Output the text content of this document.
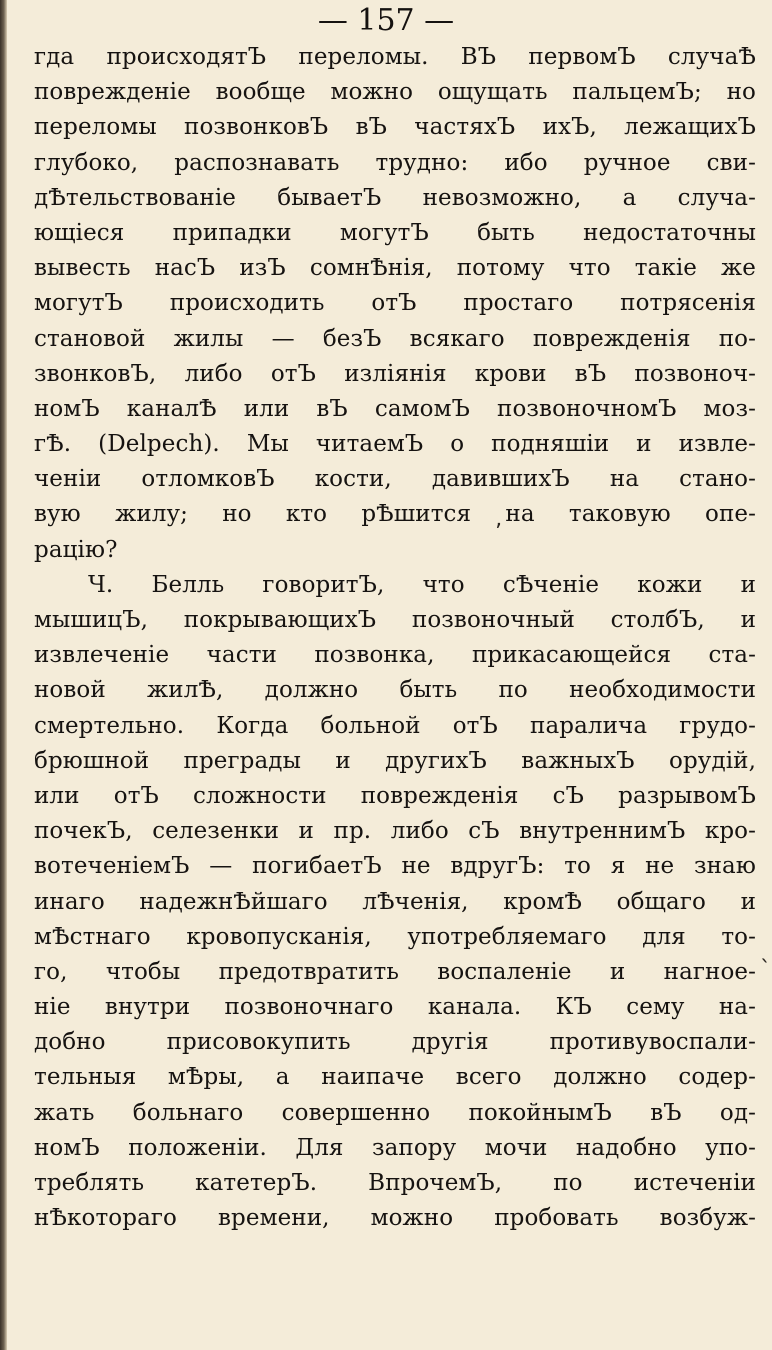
— 157 —
гда происходятЪ переломы. ВЪ первомЪ случаѢ
поврежденіе вообще можно ощущать пальцемЪ; но
переломы позвонковЪ вЪ частяхЪ ихЪ, лежащихЪ
глубоко, распознавать трудно: ибо ручное сви-
дѢтельствованіе бываетЪ невозможно, а случа-
ющіеся припадки могутЪ быть недостаточны
вывесть насЪ изЪ сомнѢнія, потому что такіе же
могутЪ происходить отЪ простаго потрясенія
становой жилы — безЪ всякаго поврежденія по-
звонковЪ, либо отЪ изліянія крови вЪ позвоноч-
номЪ каналѢ или вЪ самомЪ позвоночномЪ моз-
гѢ. (Delpech). Мы читаемЪ о подняшіи и извле-
ченіи отломковЪ кости, давившихЪ на стано-
вую жилу; но кто рѢшится на таковую опе-
рацію?
Ч. Белль говоритЪ, что сѢченіе кожи и
мышицЪ, покрывающихЪ позвоночный столбЪ, и
извлеченіе части позвонка, прикасающейся ста-
новой жилѢ, должно быть по необходимости
смертельно. Когда больной отЪ паралича грудо-
брюшной преграды и другихЪ важныхЪ орудій,
или отЪ сложности поврежденія сЪ разрывомЪ
почекЪ, селезенки и пр. либо сЪ внутреннимЪ кро-
вотеченіемЪ — погибаетЪ не вдругЪ: то я не знаю
инаго надежнѢйшаго лѢченія, кромѢ общаго и
мѢстнаго кровопусканія, употребляемаго для то-
го, чтобы предотвратить воспаленіе и нагное-
ніе внутри позвоночнаго канала. КЪ сему на-
добно присовокупить другія противувоспали-
тельныя мѢры, а наипаче всего должно содер-
жать больнаго совершенно покойнымЪ вЪ од-
номЪ положеніи. Для запору мочи надобно упо-
треблять катетерЪ. ВпрочемЪ, по истеченіи
нѢкотораго времени, можно пробовать возбуж-
ʼ
ˎ
